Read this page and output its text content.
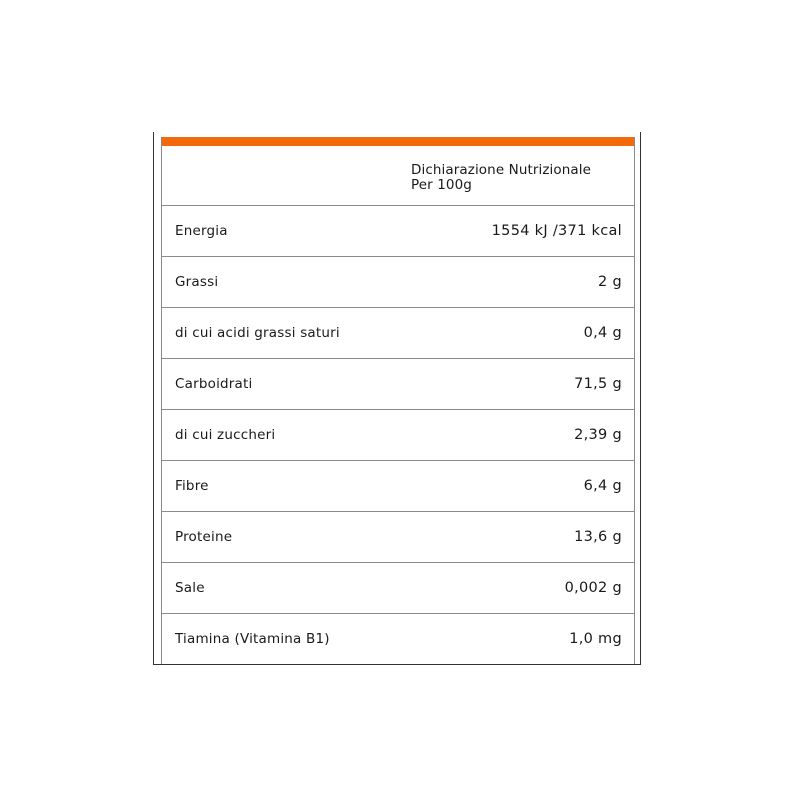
Dichiarazione Nutrizionale
Per 100g
Energia	1554 kJ /371 kcal
Grassi	2 g
di cui acidi grassi saturi	0,4 g
Carboidrati	71,5 g
di cui zuccheri	2,39 g
Fibre	6,4 g
Proteine	13,6 g
Sale	0,002 g
Tiamina (Vitamina B1)	1,0 mg
